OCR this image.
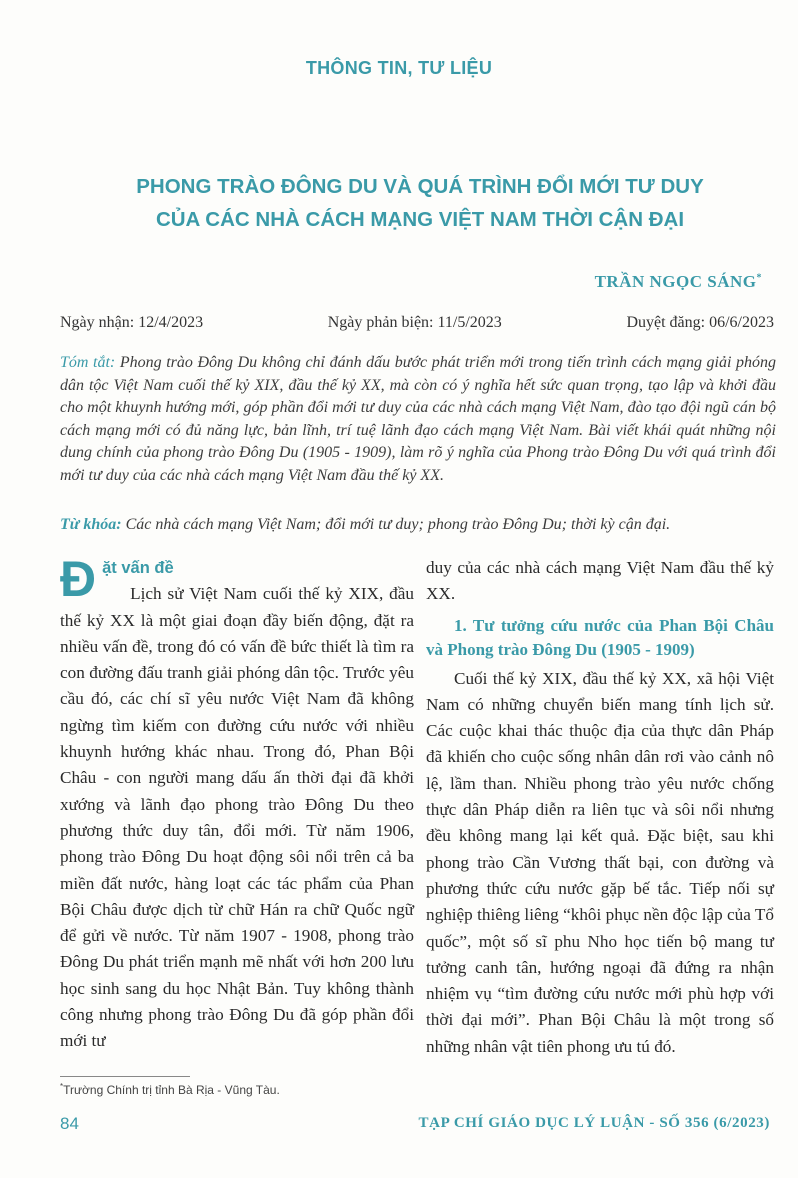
THÔNG TIN, TƯ LIỆU
PHONG TRÀO ĐÔNG DU VÀ QUÁ TRÌNH ĐỔI MỚI TƯ DUY
CỦA CÁC NHÀ CÁCH MẠNG VIỆT NAM THỜI CẬN ĐẠI
TRẦN NGỌC SÁNG*
Ngày nhận: 12/4/2023	Ngày phản biện: 11/5/2023	Duyệt đăng: 06/6/2023
Tóm tắt: Phong trào Đông Du không chỉ đánh dấu bước phát triển mới trong tiến trình cách mạng giải phóng dân tộc Việt Nam cuối thế kỷ XIX, đầu thế kỷ XX, mà còn có ý nghĩa hết sức quan trọng, tạo lập và khởi đầu cho một khuynh hướng mới, góp phần đổi mới tư duy của các nhà cách mạng Việt Nam, đào tạo đội ngũ cán bộ cách mạng mới có đủ năng lực, bản lĩnh, trí tuệ lãnh đạo cách mạng Việt Nam. Bài viết khái quát những nội dung chính của phong trào Đông Du (1905 - 1909), làm rõ ý nghĩa của Phong trào Đông Du với quá trình đổi mới tư duy của các nhà cách mạng Việt Nam đầu thế kỷ XX.
Từ khóa: Các nhà cách mạng Việt Nam; đổi mới tư duy; phong trào Đông Du; thời kỳ cận đại.
Đ ặt vấn đề

Lịch sử Việt Nam cuối thế kỷ XIX, đầu thế kỷ XX là một giai đoạn đầy biến động, đặt ra nhiều vấn đề, trong đó có vấn đề bức thiết là tìm ra con đường đấu tranh giải phóng dân tộc. Trước yêu cầu đó, các chí sĩ yêu nước Việt Nam đã không ngừng tìm kiếm con đường cứu nước với nhiều khuynh hướng khác nhau. Trong đó, Phan Bội Châu - con người mang dấu ấn thời đại đã khởi xướng và lãnh đạo phong trào Đông Du theo phương thức duy tân, đổi mới. Từ năm 1906, phong trào Đông Du hoạt động sôi nổi trên cả ba miền đất nước, hàng loạt các tác phẩm của Phan Bội Châu được dịch từ chữ Hán ra chữ Quốc ngữ để gửi về nước. Từ năm 1907 - 1908, phong trào Đông Du phát triển mạnh mẽ nhất với hơn 200 lưu học sinh sang du học Nhật Bản. Tuy không thành công nhưng phong trào Đông Du đã góp phần đổi mới tư

duy của các nhà cách mạng Việt Nam đầu thế kỷ XX.

1. Tư tưởng cứu nước của Phan Bội Châu và Phong trào Đông Du (1905 - 1909)

Cuối thế kỷ XIX, đầu thế kỷ XX, xã hội Việt Nam có những chuyển biến mang tính lịch sử. Các cuộc khai thác thuộc địa của thực dân Pháp đã khiến cho cuộc sống nhân dân rơi vào cảnh nô lệ, lầm than. Nhiều phong trào yêu nước chống thực dân Pháp diễn ra liên tục và sôi nổi nhưng đều không mang lại kết quả. Đặc biệt, sau khi phong trào Cần Vương thất bại, con đường và phương thức cứu nước gặp bế tắc. Tiếp nối sự nghiệp thiêng liêng “khôi phục nền độc lập của Tổ quốc”, một số sĩ phu Nho học tiến bộ mang tư tưởng canh tân, hướng ngoại đã đứng ra nhận nhiệm vụ “tìm đường cứu nước mới phù hợp với thời đại mới”. Phan Bội Châu là một trong số những nhân vật tiên phong ưu tú đó.

*Trường Chính trị tỉnh Bà Rịa - Vũng Tàu.
84	TẠP CHÍ GIÁO DỤC LÝ LUẬN - SỐ 356 (6/2023)
